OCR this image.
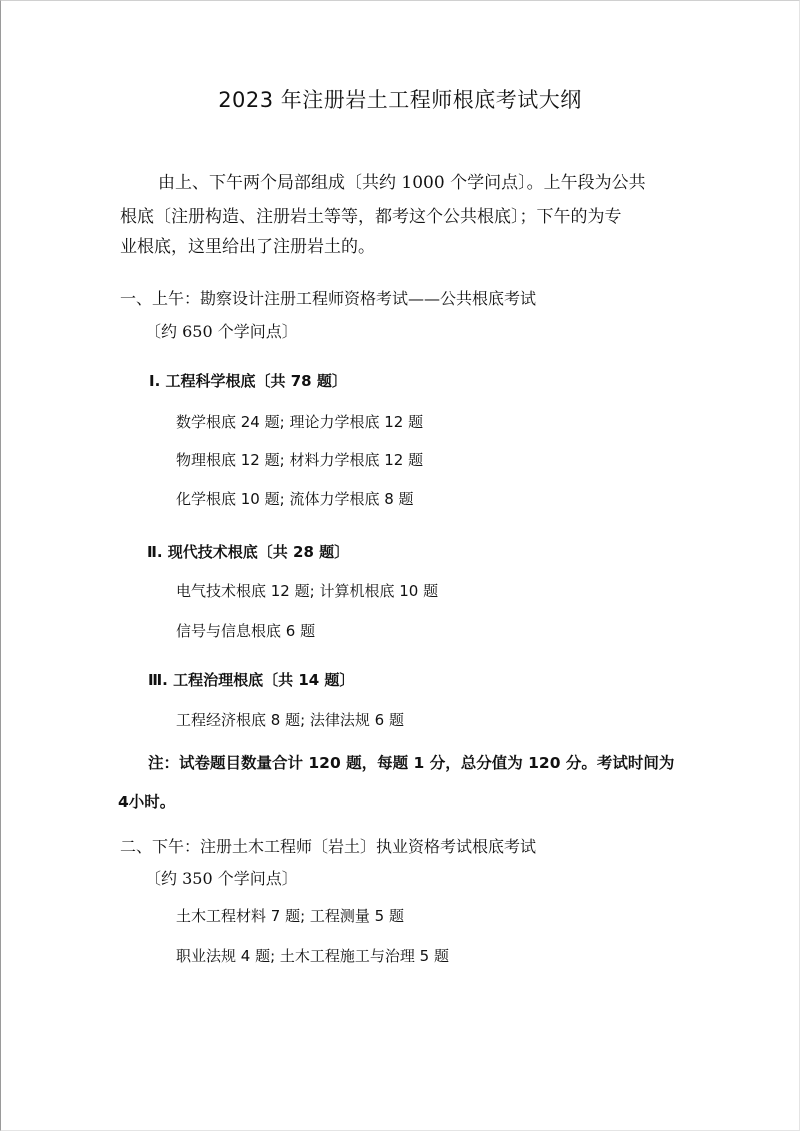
2023 年注册岩土工程师根底考试大纲
由上、下午两个局部组成〔共约 1000 个学问点〕。上午段为公共
根底〔注册构造、注册岩土等等，都考这个公共根底〕；下午的为专
业根底，这里给出了注册岩土的。
一、上午：勘察设计注册工程师资格考试——公共根底考试
〔约 650 个学问点〕
Ⅰ. 工程科学根底〔共 78 题〕
数学根底 24 题; 理论力学根底 12 题
物理根底 12 题; 材料力学根底 12 题
化学根底 10 题; 流体力学根底 8 题
Ⅱ. 现代技术根底〔共 28 题〕
电气技术根底 12 题; 计算机根底 10 题
信号与信息根底 6 题
Ⅲ. 工程治理根底〔共 14 题〕
工程经济根底 8 题; 法律法规 6 题
注：试卷题目数量合计 120 题，每题 1 分，总分值为 120 分。考试时间为
4小时。
二、下午：注册土木工程师〔岩土〕执业资格考试根底考试
〔约 350 个学问点〕
土木工程材料 7 题; 工程测量 5 题
职业法规 4 题; 土木工程施工与治理 5 题
